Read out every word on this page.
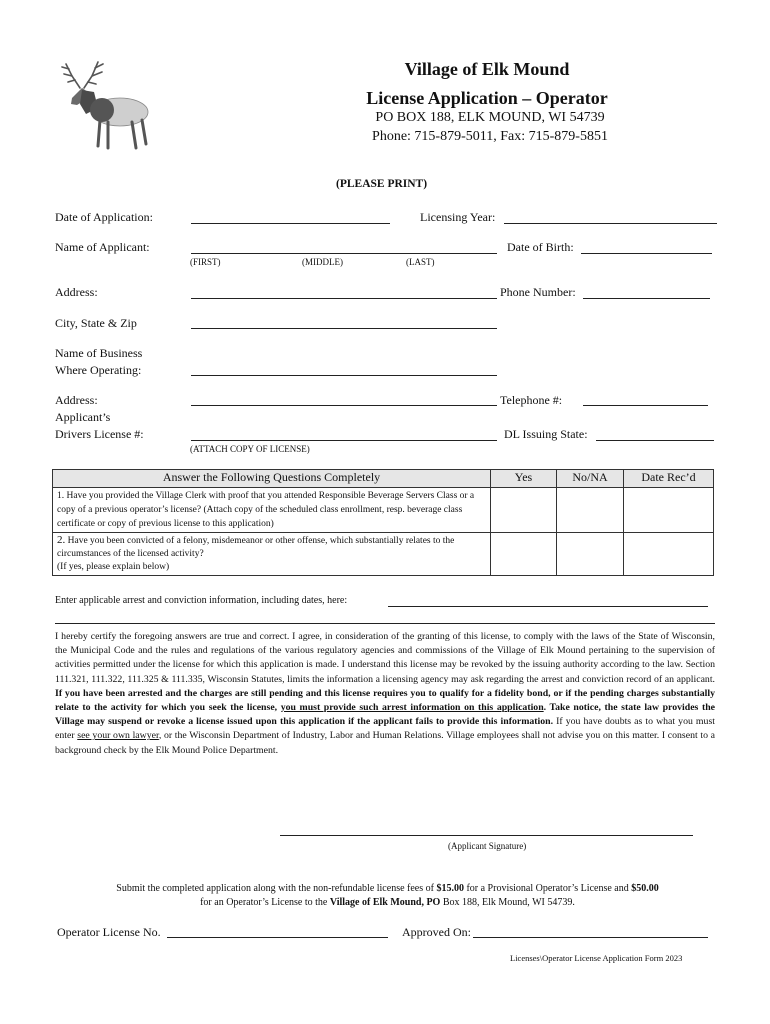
Village of Elk Mound
License Application – Operator
PO BOX 188, ELK MOUND, WI 54739
Phone: 715-879-5011, Fax: 715-879-5851
(PLEASE PRINT)
Date of Application:	Licensing Year:
Name of Applicant:	Date of Birth:
(FIRST)	(MIDDLE)	(LAST)
Address:	Phone Number:
City, State & Zip
Name of Business
Where Operating:
Address:	Telephone #:
Applicant’s
Drivers License #:	DL Issuing State:
(ATTACH COPY OF LICENSE)
Answer the Following Questions Completely	Yes	No/NA	Date Rec’d
1. Have you provided the Village Clerk with proof that you attended Responsible Beverage Servers Class or a copy of a previous operator’s license? (Attach copy of the scheduled class enrollment, resp. beverage class certificate or copy of previous license to this application)			
2. Have you been convicted of a felony, misdemeanor or other offense, which substantially relates to the circumstances of the licensed activity?
(If yes, please explain below)			
Enter applicable arrest and conviction information, including dates, here:
I hereby certify the foregoing answers are true and correct. I agree, in consideration of the granting of this license, to comply with the laws of the State of Wisconsin, the Municipal Code and the rules and regulations of the various regulatory agencies and commissions of the Village of Elk Mound pertaining to the supervision of activities permitted under the license for which this application is made. I understand this license may be revoked by the issuing authority according to the law. Section 111.321, 111.322, 111.325 & 111.335, Wisconsin Statutes, limits the information a licensing agency may ask regarding the arrest and conviction record of an applicant. If you have been arrested and the charges are still pending and this license requires you to qualify for a fidelity bond, or if the pending charges substantially relate to the activity for which you seek the license, you must provide such arrest information on this application. Take notice, the state law provides the Village may suspend or revoke a license issued upon this application if the applicant fails to provide this information. If you have doubts as to what you must enter see your own lawyer, or the Wisconsin Department of Industry, Labor and Human Relations. Village employees shall not advise you on this matter. I consent to a background check by the Elk Mound Police Department.
(Applicant Signature)
Submit the completed application along with the non-refundable license fees of $15.00 for a Provisional Operator’s License and $50.00
for an Operator’s License to the Village of Elk Mound, PO Box 188, Elk Mound, WI 54739.
Operator License No.	Approved On:
Licenses\Operator License Application Form 2023
